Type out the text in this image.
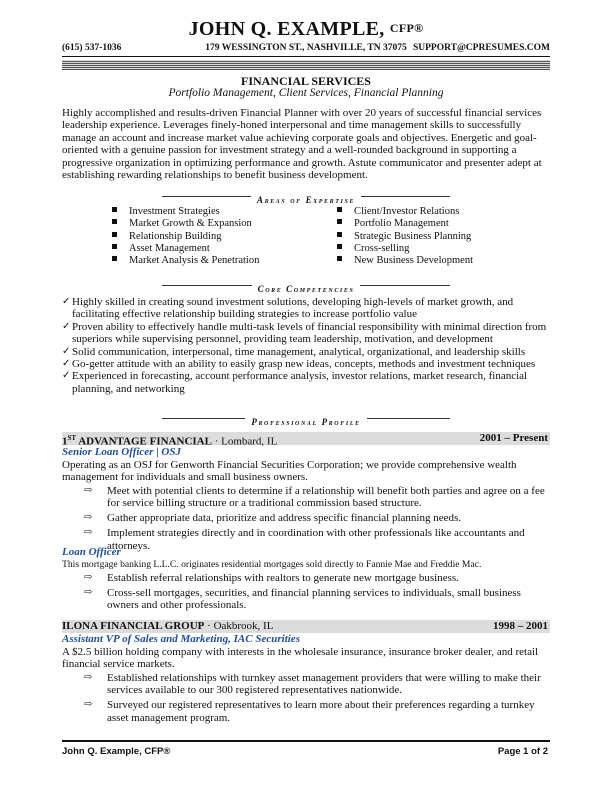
JOHN Q. EXAMPLE, CFP®
(615) 537-1036	179 WESSINGTON ST., NASHVILLE, TN 37075 SUPPORT@CPRESUMES.COM
FINANCIAL SERVICES
Portfolio Management, Client Services, Financial Planning

Highly accomplished and results-driven Financial Planner with over 20 years of successful financial services leadership experience. Leverages finely-honed interpersonal and time management skills to successfully manage an account and increase market value achieving corporate goals and objectives. Energetic and goal-oriented with a genuine passion for investment strategy and a well-rounded background in supporting a progressive organization in optimizing performance and growth. Astute communicator and presenter adept at establishing rewarding relationships to benefit business development.

Areas of Expertise
Investment Strategies
Market Growth & Expansion
Relationship Building
Asset Management
Market Analysis & Penetration
Client/Investor Relations
Portfolio Management
Strategic Business Planning
Cross-selling
New Business Development
Core Competencies
✓ Highly skilled in creating sound investment solutions, developing high-levels of market growth, and facilitating effective relationship building strategies to increase portfolio value
✓ Proven ability to effectively handle multi-task levels of financial responsibility with minimal direction from superiors while supervising personnel, providing team leadership, motivation, and development
✓ Solid communication, interpersonal, time management, analytical, organizational, and leadership skills
✓ Go-getter attitude with an ability to easily grasp new ideas, concepts, methods and investment techniques
✓ Experienced in forecasting, account performance analysis, investor relations, market research, financial planning, and networking
Professional Profile
1ST ADVANTAGE FINANCIAL · Lombard, IL	2001 – Present
Senior Loan Officer | OSJ

Operating as an OSJ for Genworth Financial Securities Corporation; we provide comprehensive wealth management for individuals and small business owners.

⇨ Meet with potential clients to determine if a relationship will benefit both parties and agree on a fee for service billing structure or a traditional commission based structure.
⇨ Gather appropriate data, prioritize and address specific financial planning needs.
⇨ Implement strategies directly and in coordination with other professionals like accountants and attorneys.
Loan Officer

This mortgage banking L.L.C. originates residential mortgages sold directly to Fannie Mae and Freddie Mac.

⇨ Establish referral relationships with realtors to generate new mortgage business.
⇨ Cross-sell mortgages, securities, and financial planning services to individuals, small business owners and other professionals.
ILONA FINANCIAL GROUP · Oakbrook, IL	1998 – 2001
Assistant VP of Sales and Marketing, IAC Securities

A $2.5 billion holding company with interests in the wholesale insurance, insurance broker dealer, and retail financial service markets.

⇨ Established relationships with turnkey asset management providers that were willing to make their services available to our 300 registered representatives nationwide.
⇨ Surveyed our registered representatives to learn more about their preferences regarding a turnkey asset management program.
John Q. Example, CFP®	Page 1 of 2
